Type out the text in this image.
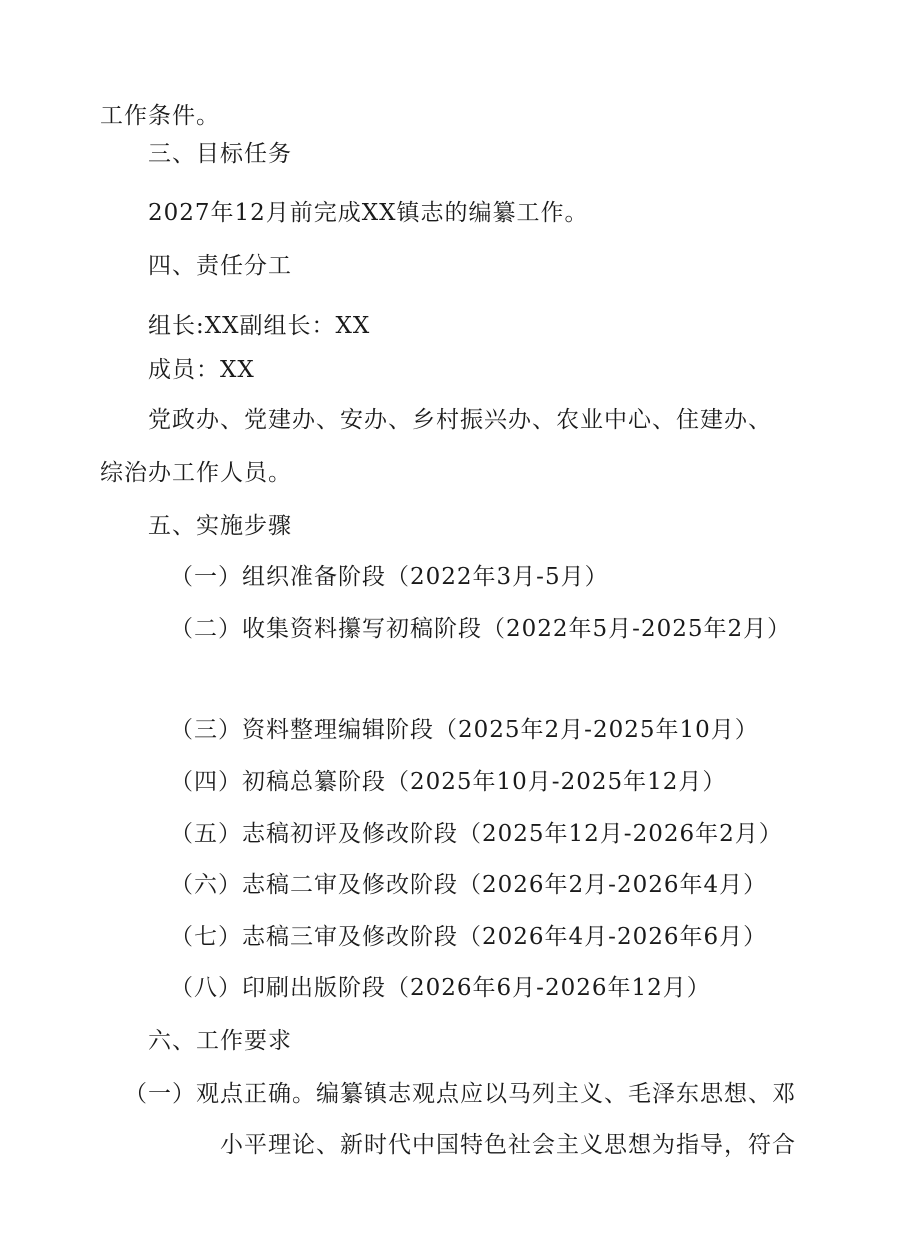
工作条件。
三、目标任务
2027年12月前完成XX镇志的编纂工作。
四、责任分工
组长:XX副组长：XX
成员：XX
党政办、党建办、安办、乡村振兴办、农业中心、住建办、
综治办工作人员。
五、实施步骤
（一）组织准备阶段（2022年3月-5月）
（二）收集资料攥写初稿阶段（2022年5月-2025年2月）
（三）资料整理编辑阶段（2025年2月-2025年10月）
（四）初稿总纂阶段（2025年10月-2025年12月）
（五）志稿初评及修改阶段（2025年12月-2026年2月）
（六）志稿二审及修改阶段（2026年2月-2026年4月）
（七）志稿三审及修改阶段（2026年4月-2026年6月）
（八）印刷出版阶段（2026年6月-2026年12月）
六、工作要求
（一）观点正确。编纂镇志观点应以马列主义、毛泽东思想、邓
小平理论、新时代中国特色社会主义思想为指导，符合
